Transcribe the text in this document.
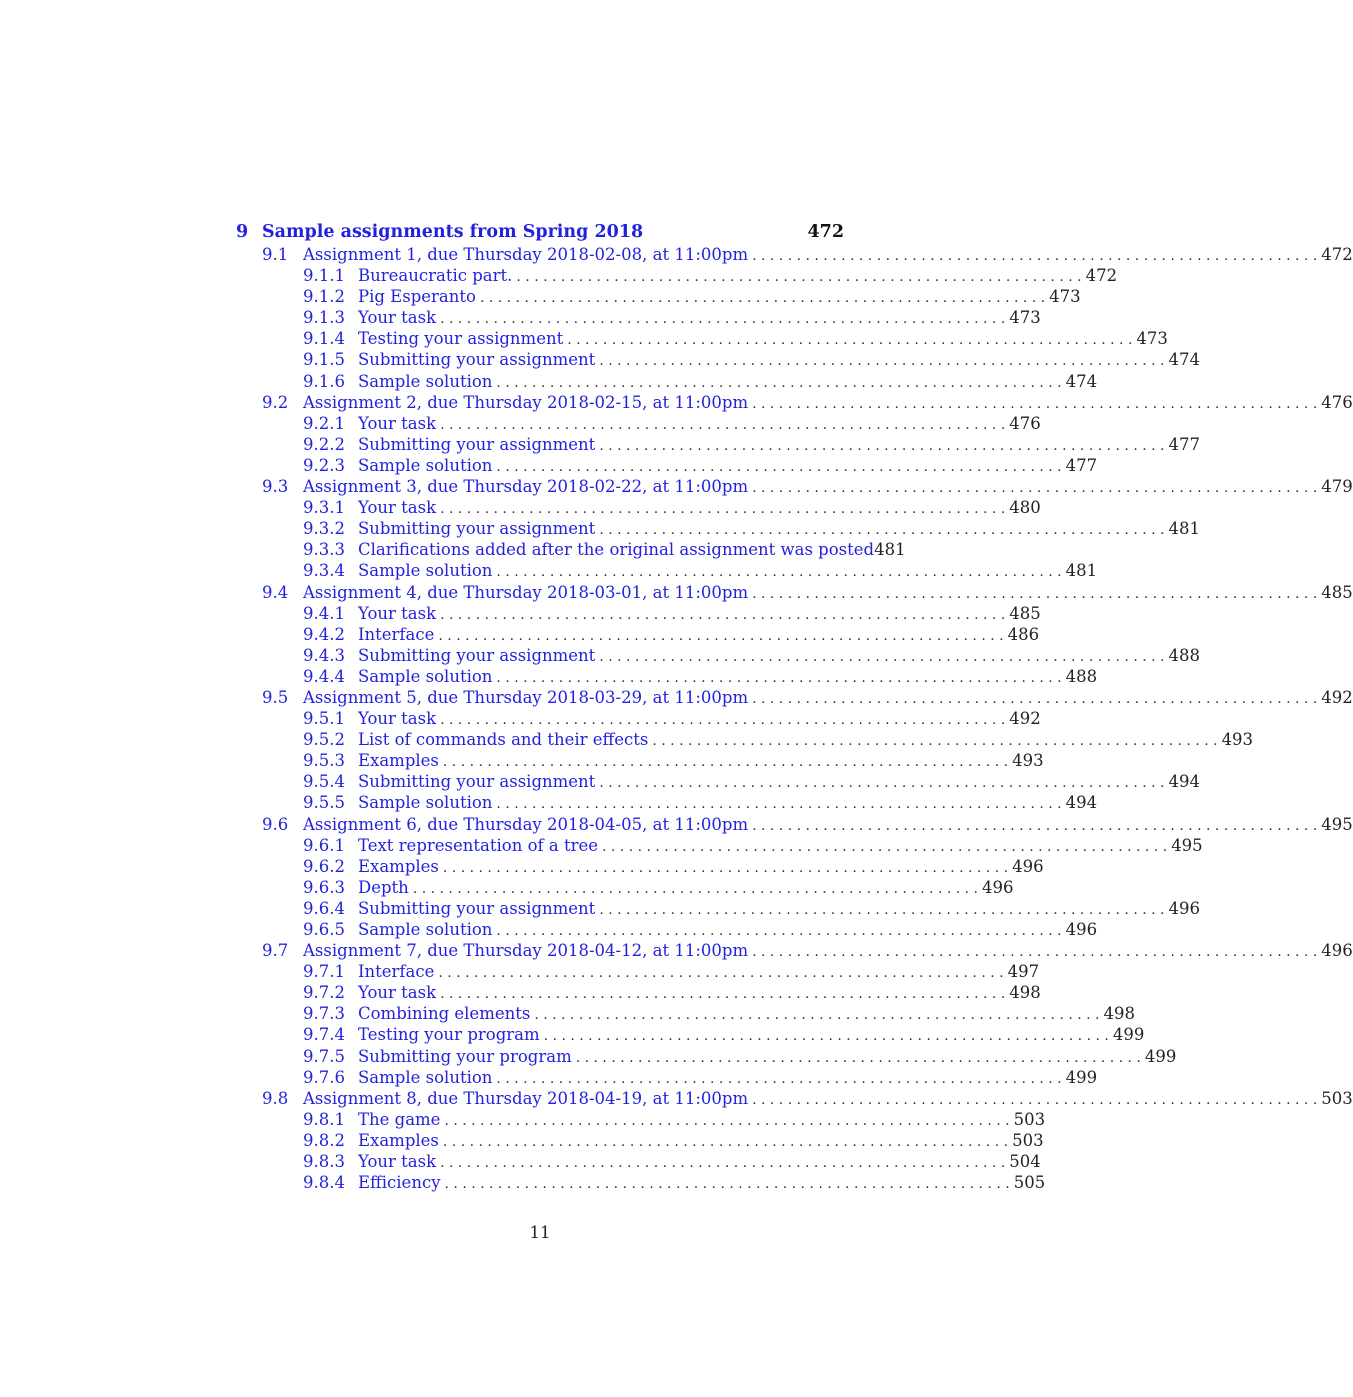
9 Sample assignments from Spring 2018	472
9.1 Assignment 1, due Thursday 2018-02-08, at 11:00pm . . .	472
9.1.1 Bureaucratic part. . . .	472
9.1.2 Pig Esperanto . . .	473
9.1.3 Your task . . .	473
9.1.4 Testing your assignment . . .	473
9.1.5 Submitting your assignment . . .	474
9.1.6 Sample solution . . .	474
9.2 Assignment 2, due Thursday 2018-02-15, at 11:00pm . . .	476
9.2.1 Your task . . .	476
9.2.2 Submitting your assignment . . .	477
9.2.3 Sample solution . . .	477
9.3 Assignment 3, due Thursday 2018-02-22, at 11:00pm . . .	479
9.3.1 Your task . . .	480
9.3.2 Submitting your assignment . . .	481
9.3.3 Clarifications added after the original assignment was posted 481
9.3.4 Sample solution . . .	481
9.4 Assignment 4, due Thursday 2018-03-01, at 11:00pm . . .	485
9.4.1 Your task . . .	485
9.4.2 Interface . . .	486
9.4.3 Submitting your assignment . . .	488
9.4.4 Sample solution . . .	488
9.5 Assignment 5, due Thursday 2018-03-29, at 11:00pm . . .	492
9.5.1 Your task . . .	492
9.5.2 List of commands and their effects . . .	493
9.5.3 Examples . . .	493
9.5.4 Submitting your assignment . . .	494
9.5.5 Sample solution . . .	494
9.6 Assignment 6, due Thursday 2018-04-05, at 11:00pm . . .	495
9.6.1 Text representation of a tree . . .	495
9.6.2 Examples . . .	496
9.6.3 Depth . . .	496
9.6.4 Submitting your assignment . . .	496
9.6.5 Sample solution . . .	496
9.7 Assignment 7, due Thursday 2018-04-12, at 11:00pm . . .	496
9.7.1 Interface . . .	497
9.7.2 Your task . . .	498
9.7.3 Combining elements . . .	498
9.7.4 Testing your program . . .	499
9.7.5 Submitting your program . . .	499
9.7.6 Sample solution . . .	499
9.8 Assignment 8, due Thursday 2018-04-19, at 11:00pm . . .	503
9.8.1 The game . . .	503
9.8.2 Examples . . .	503
9.8.3 Your task . . .	504
9.8.4 Efficiency . . .	505
11
